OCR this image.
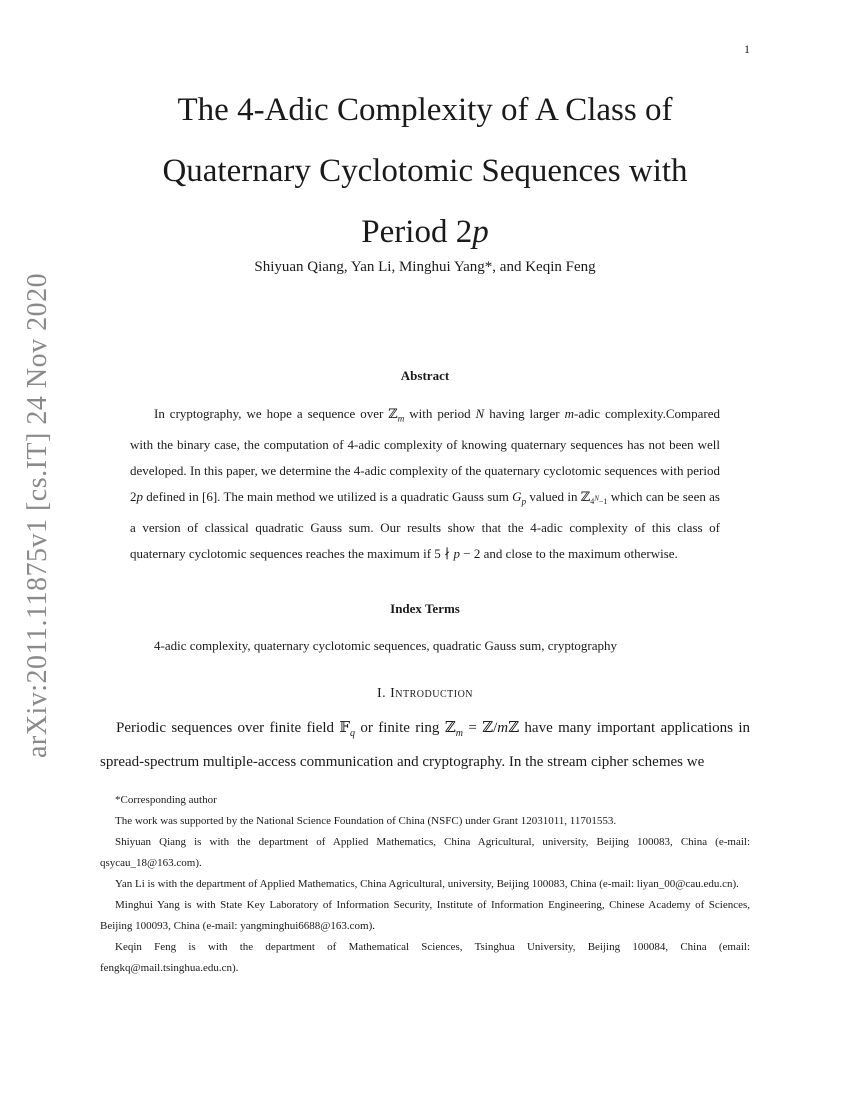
1
arXiv:2011.11875v1 [cs.IT] 24 Nov 2020
The 4-Adic Complexity of A Class of
Quaternary Cyclotomic Sequences with
Period 2p
Shiyuan Qiang, Yan Li, Minghui Yang*, and Keqin Feng
Abstract

In cryptography, we hope a sequence over ℤ$_m$ with period N having larger m-adic complexity.Compared with the binary case, the computation of 4-adic complexity of knowing quaternary sequences has not been well developed. In this paper, we determine the 4-adic complexity of the quaternary cyclotomic sequences with period 2p defined in [6]. The main method we utilized is a quadratic Gauss sum $G_p$ valued in ℤ$_{4^N-1}$ which can be seen as a version of classical quadratic Gauss sum. Our results show that the 4-adic complexity of this class of quaternary cyclotomic sequences reaches the maximum if 5 ∤ p − 2 and close to the maximum otherwise.

Index Terms

4-adic complexity, quaternary cyclotomic sequences, quadratic Gauss sum, cryptography

I. Introduction

Periodic sequences over finite field 𝔽$_q$ or finite ring ℤ$_m$ = ℤ/mℤ have many important applications in spread-spectrum multiple-access communication and cryptography. In the stream cipher schemes we

*Corresponding author

The work was supported by the National Science Foundation of China (NSFC) under Grant 12031011, 11701553.

Shiyuan Qiang is with the department of Applied Mathematics, China Agricultural, university, Beijing 100083, China (e-mail: qsycau_18@163.com).

Yan Li is with the department of Applied Mathematics, China Agricultural, university, Beijing 100083, China (e-mail: liyan_00@cau.edu.cn).

Minghui Yang is with State Key Laboratory of Information Security, Institute of Information Engineering, Chinese Academy of Sciences, Beijing 100093, China (e-mail: yangminghui6688@163.com).

Keqin Feng is with the department of Mathematical Sciences, Tsinghua University, Beijing 100084, China (email: fengkq@mail.tsinghua.edu.cn).
